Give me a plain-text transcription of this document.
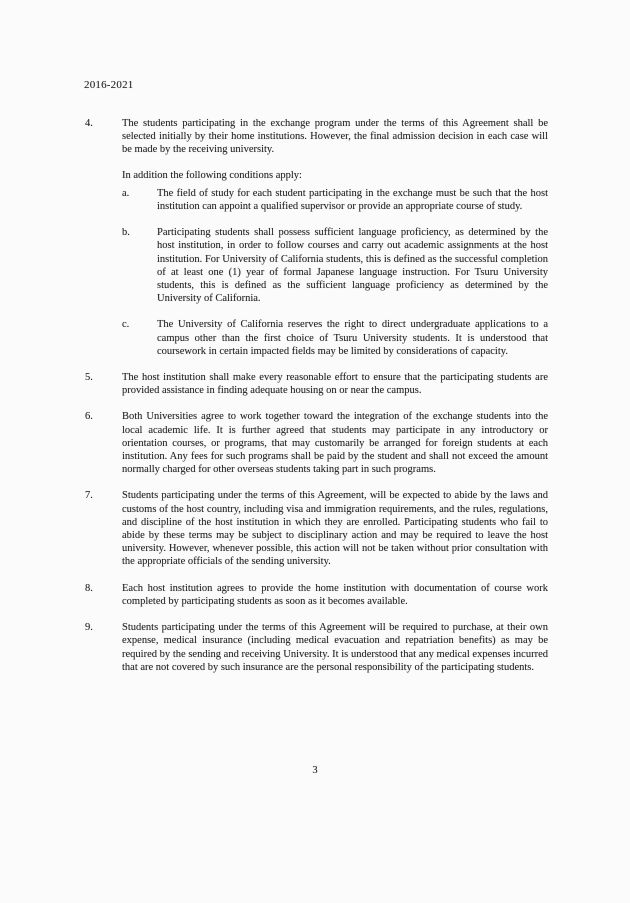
2016-2021
4.	The students participating in the exchange program under the terms of this Agreement shall be selected initially by their home institutions. However, the final admission decision in each case will be made by the receiving university.

In addition the following conditions apply:

a.	The field of study for each student participating in the exchange must be such that the host institution can appoint a qualified supervisor or provide an appropriate course of study.

b.	Participating students shall possess sufficient language proficiency, as determined by the host institution, in order to follow courses and carry out academic assignments at the host institution. For University of California students, this is defined as the successful completion of at least one (1) year of formal Japanese language instruction. For Tsuru University students, this is defined as the sufficient language proficiency as determined by the University of California.

c.	The University of California reserves the right to direct undergraduate applications to a campus other than the first choice of Tsuru University students. It is understood that coursework in certain impacted fields may be limited by considerations of capacity.

5.	The host institution shall make every reasonable effort to ensure that the participating students are provided assistance in finding adequate housing on or near the campus.

6.	Both Universities agree to work together toward the integration of the exchange students into the local academic life. It is further agreed that students may participate in any introductory or orientation courses, or programs, that may customarily be arranged for foreign students at each institution. Any fees for such programs shall be paid by the student and shall not exceed the amount normally charged for other overseas students taking part in such programs.

7.	Students participating under the terms of this Agreement, will be expected to abide by the laws and customs of the host country, including visa and immigration requirements, and the rules, regulations, and discipline of the host institution in which they are enrolled. Participating students who fail to abide by these terms may be subject to disciplinary action and may be required to leave the host university. However, whenever possible, this action will not be taken without prior consultation with the appropriate officials of the sending university.

8.	Each host institution agrees to provide the home institution with documentation of course work completed by participating students as soon as it becomes available.

9.	Students participating under the terms of this Agreement will be required to purchase, at their own expense, medical insurance (including medical evacuation and repatriation benefits) as may be required by the sending and receiving University. It is understood that any medical expenses incurred that are not covered by such insurance are the personal responsibility of the participating students.

3
